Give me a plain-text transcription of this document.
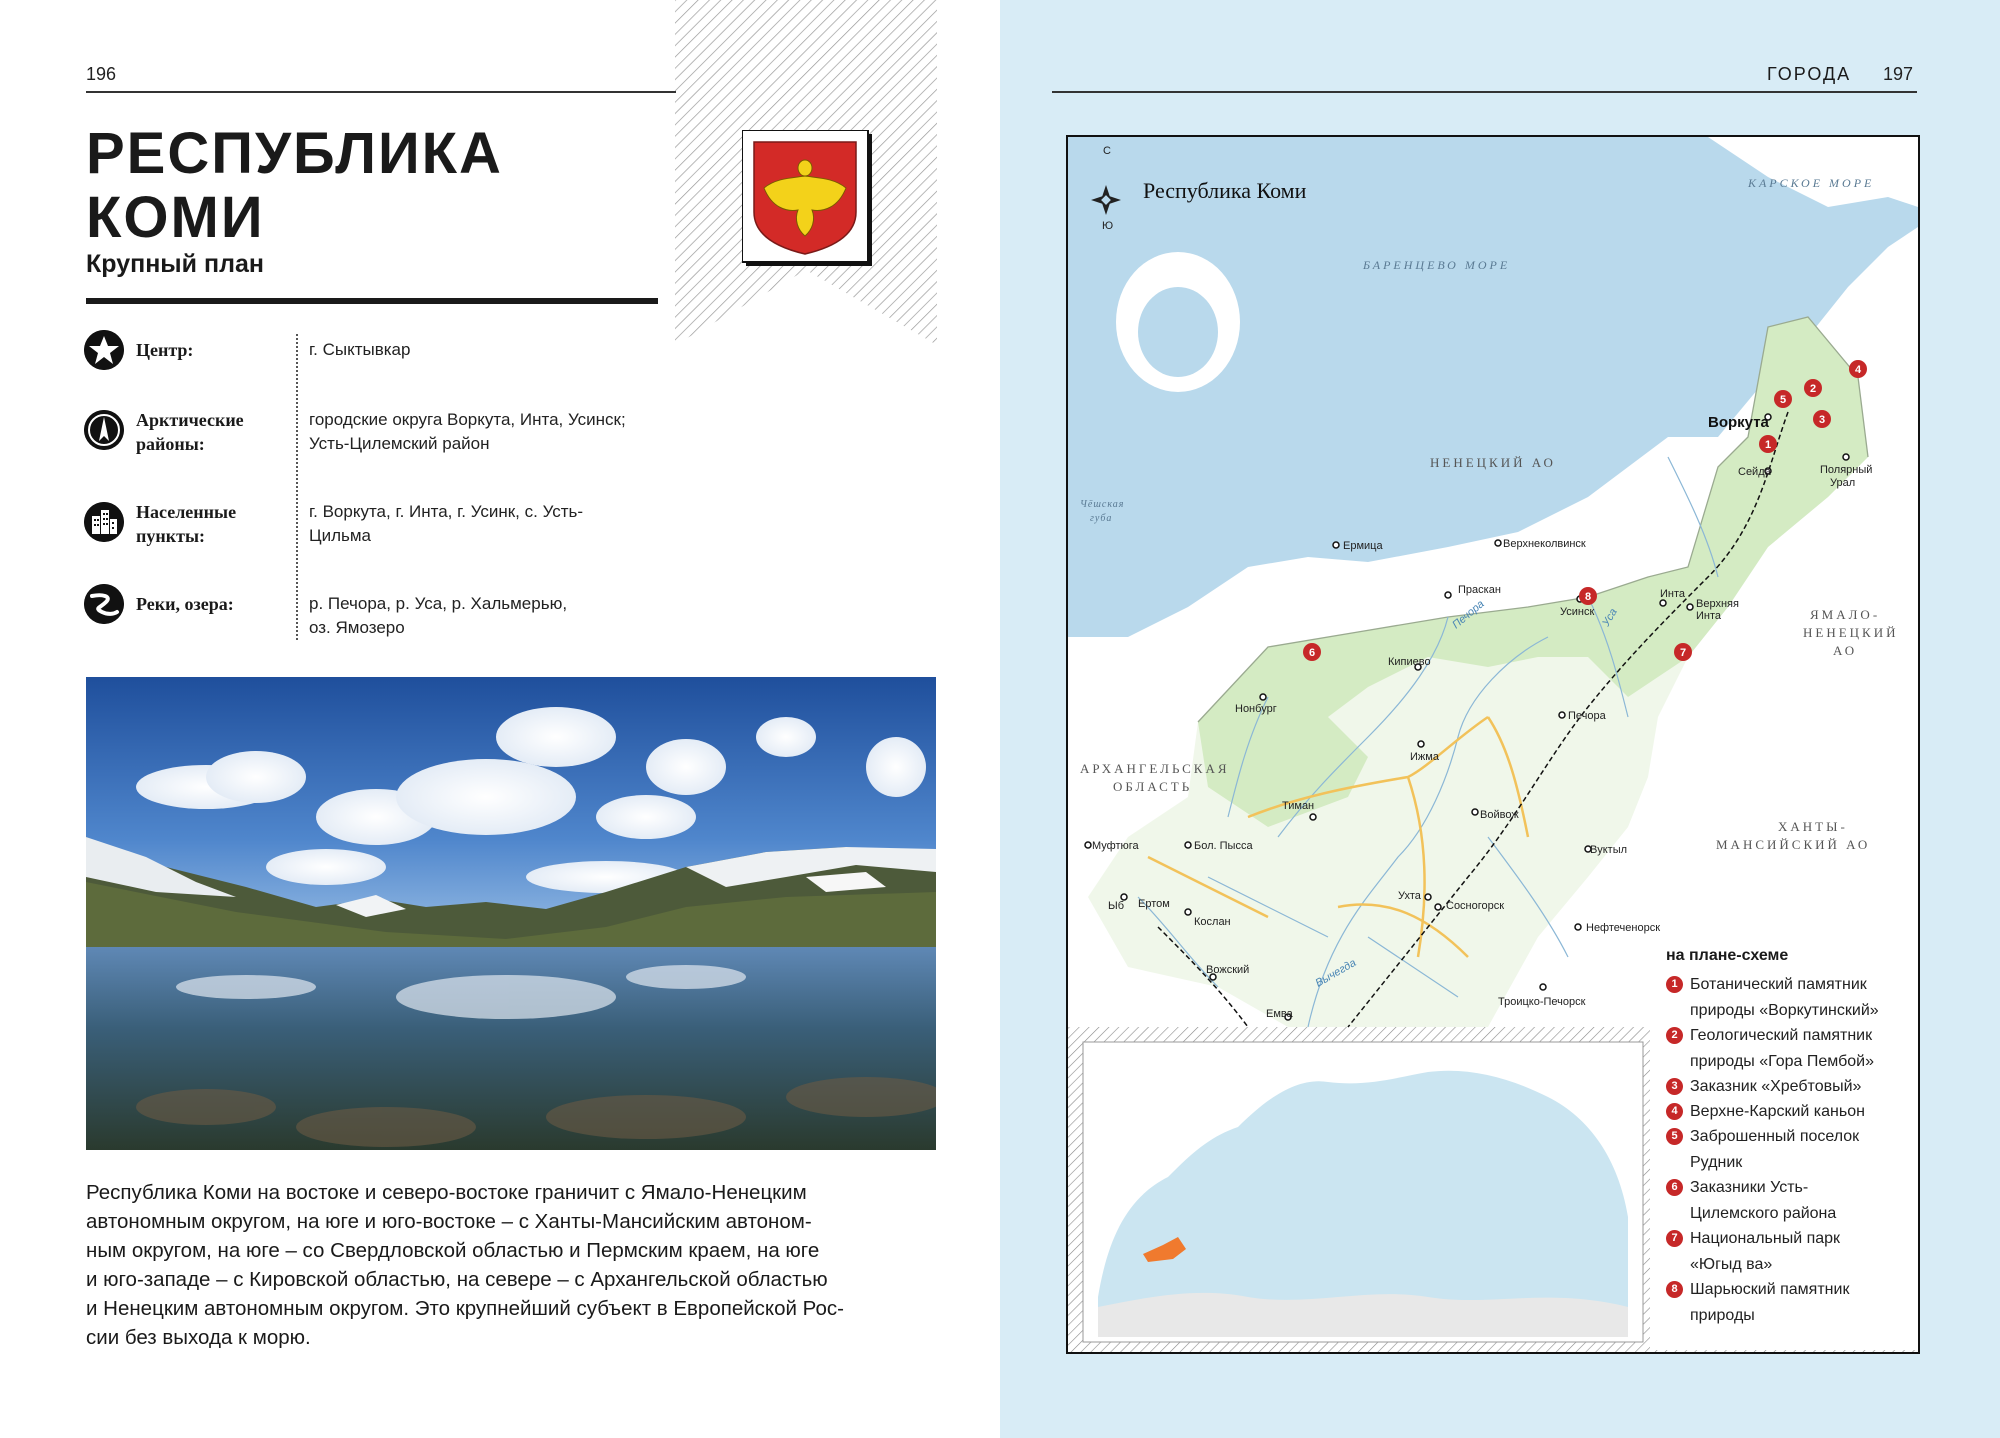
196
РЕСПУБЛИКА
КОМИ
Крупный план
Центр:	г. Сыктывкар
Арктические
районы:
городские округа Воркута, Инта, Усинск;
Усть-Цилемский район
Населенные
пункты:
г. Воркута, г. Инта, г. Усинк, с. Усть-
Цильма
Реки, озера:	р. Печора, р. Уса, р. Хальмерью,
оз. Ямозеро

Республика Коми на востоке и северо-востоке граничит с Ямало-Ненецким
автономным округом, на юге и юго-востоке – с Ханты-Мансийским автоном-
ным округом, на юге – со Свердловской областью и Пермским краем, на юге
и юго-западе – с Кировской областью, на севере – с Архангельской областью
и Ненецким автономным округом. Это крупнейший субъект в Европейской Рос-
сии без выхода к морю.

ГОРОДА 197
С
Ю
Республика Коми	КАРСКОЕ МОРЕ
БАРЕНЦЕВО МОРЕ
НЕНЕЦКИЙ АО
ЯМАЛО-
НЕНЕЦКИЙ
АО
АРХАНГЕЛЬСКАЯ
ОБЛАСТЬ
ХАНТЫ-
МАНСИЙСКИЙ АО
Чёшская
губа
Воркута
Сейда	Полярный
Урал
Ермица	Верхнеколвинск
Праскан
Усинск
Инта
Верхняя
Инта
Кипиево
Нонбург
Ижма
Печора
Тиман
Войвож
Муфтюга	Бол. Пысса	Вуктыл
Ыб Ертом
Кослан
Ухта
Сосногорск
Нефтеченорск
Вожский
Троицко-Печорск
Емва
Печора	Уса
Вычегда
1
2
3
4
5
6	7
8
на плане-схеме
1 Ботанический памятник
природы «Воркутинский»
2 Геологический памятник
природы «Гора Пембой»
3 Заказник «Хребтовый»
4 Верхне-Карский каньон
5 Заброшенный поселок
Рудник
6 Заказники Усть-
Цилемского района
7 Национальный парк
«Югыд ва»
8 Шарьюский памятник
природы
